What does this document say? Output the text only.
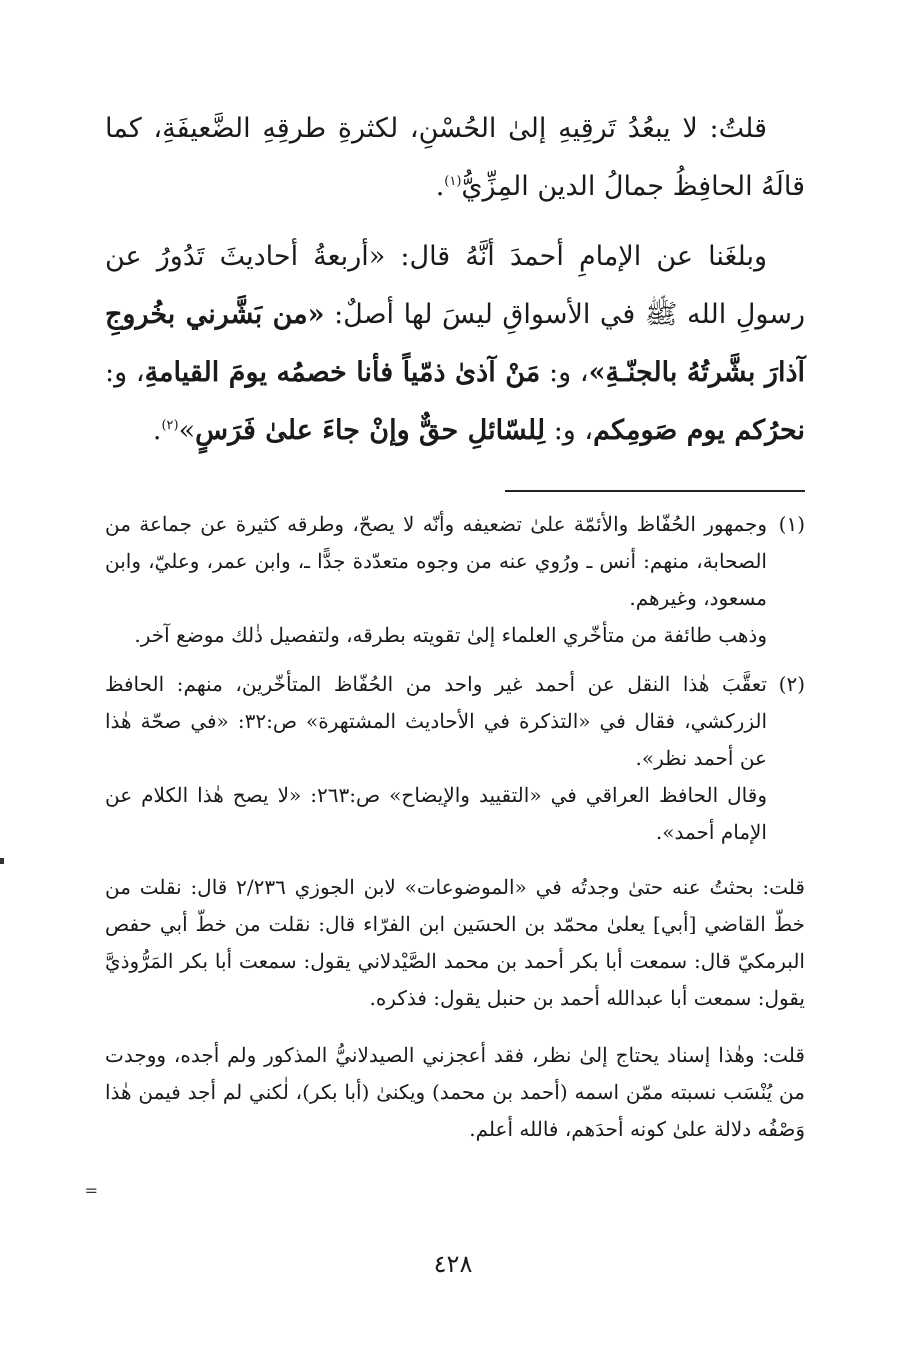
قلتُ: لا يبعُدُ تَرقِيهِ إلىٰ الحُسْنِ، لكثرةِ طرقِهِ الضَّعيفَةِ، كما قالَهُ الحافِظُ جمالُ الدين المِزِّيُّ$^{(١)}$.

وبلغَنا عن الإمامِ أحمدَ أنَّهُ قال: «أربعةُ أحاديثَ تَدُورُ عن رسولِ الله ﷺ في الأسواقِ ليسَ لها أصلٌ: «من بَشَّرني بخُروجِ آذارَ بشَّرتُهُ بالجنّـةِ»، و: مَنْ آذىٰ ذمّياً فأنا خصمُه يومَ القيامةِ، و: نحرُكم يوم صَومِكم، و: لِلسّائلِ حقٌّ وإنْ جاءَ علىٰ فَرَسٍ»$^{(٢)}$.

(١)
وجمهور الحُفّاظ والأئمّة علىٰ تضعيفه وأنّه لا يصحّ، وطرقه كثيرة عن جماعة من الصحابة، منهم: أنس ـ ورُوي عنه من وجوه متعدّدة جدًّا ـ، وابن عمر، وعليّ، وابن مسعود، وغيرهم.
وذهب طائفة من متأخّري العلماء إلىٰ تقويته بطرقه، ولتفصيل ذٰلك موضع آخر.
(٢)
تعقَّبَ هٰذا النقل عن أحمد غير واحد من الحُفّاظ المتأخّرين، منهم: الحافظ الزركشي، فقال في «التذكرة في الأحاديث المشتهرة» ص:٣٢: «في صحّة هٰذا عن أحمد نظر».
وقال الحافظ العراقي في «التقييد والإيضاح» ص:٢٦٣: «لا يصح هٰذا الكلام عن الإمام أحمد».
قلت: بحثتُ عنه حتىٰ وجدتُه في «الموضوعات» لابن الجوزي ٢/٢٣٦ قال: نقلت من خطّ القاضي [أبي] يعلىٰ محمّد بن الحسَين ابن الفرّاء قال: نقلت من خطّ أبي حفص البرمكيّ قال: سمعت أبا بكر أحمد بن محمد الصَّيْدلاني يقول: سمعت أبا بكر المَرُّوذيَّ يقول: سمعت أبا عبدالله أحمد بن حنبل يقول: فذكره.
قلت: وهٰذا إسناد يحتاج إلىٰ نظر، فقد أعجزني الصيدلانيُّ المذكور ولم أجده، ووجدت من يُنْسَب نسبته ممّن اسمه (أحمد بن محمد) ويكنىٰ (أبا بكر)، لٰكني لم أجد فيمن هٰذا وَصْفُه دلالة علىٰ كونه أحدَهم، فالله أعلم.
=
٤٢٨
